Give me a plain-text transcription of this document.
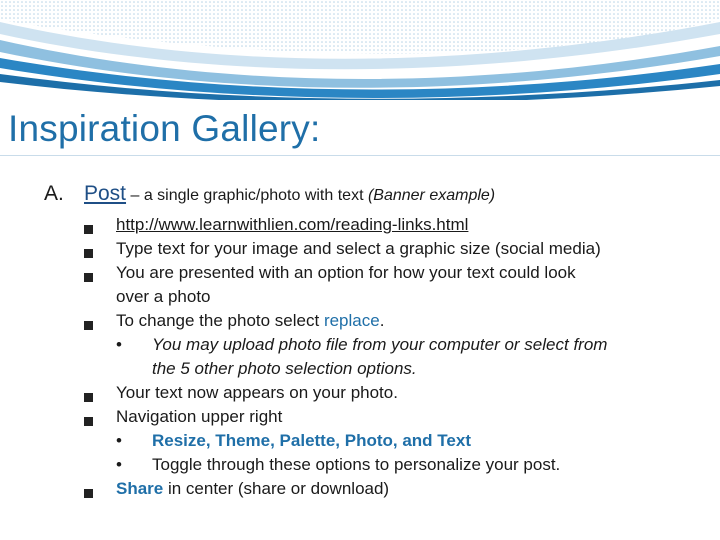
Inspiration Gallery:
A. Post – a single graphic/photo with text (Banner example)
http://www.learnwithlien.com/reading-links.html
Type text for your image and select a graphic size (social media)
You are presented with an option for how your text could look
over a photo
To change the photo select replace.
• You may upload photo file from your computer or select from
the 5 other photo selection options.
Your text now appears on your photo.
Navigation upper right
• Resize, Theme, Palette, Photo, and Text
• Toggle through these options to personalize your post.
Share in center (share or download)
